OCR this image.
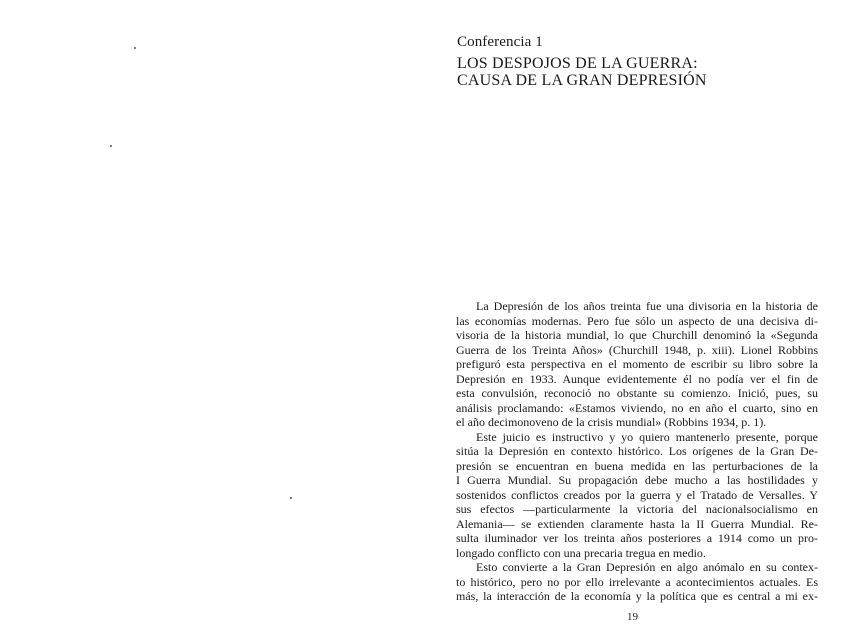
Conferencia 1
LOS DESPOJOS DE LA GUERRA:
CAUSA DE LA GRAN DEPRESIÓN

La Depresión de los años treinta fue una divisoria en la historia de
las economías modernas. Pero fue sólo un aspecto de una decisiva di-
visoria de la historia mundial, lo que Churchill denominó la «Segunda
Guerra de los Treinta Años» (Churchill 1948, p. xiii). Lionel Robbins
prefiguró esta perspectiva en el momento de escribir su libro sobre la
Depresión en 1933. Aunque evidentemente él no podía ver el fin de
esta convulsión, reconoció no obstante su comienzo. Inició, pues, su
análisis proclamando: «Estamos viviendo, no en año el cuarto, sino en
el año decimonoveno de la crisis mundial» (Robbins 1934, p. 1).

Este juicio es instructivo y yo quiero mantenerlo presente, porque
sitúa la Depresión en contexto histórico. Los orígenes de la Gran De-
presión se encuentran en buena medida en las perturbaciones de la
I Guerra Mundial. Su propagación debe mucho a las hostilidades y
sostenidos conflictos creados por la guerra y el Tratado de Versalles. Y
sus efectos —particularmente la victoria del nacionalsocialismo en
Alemania— se extienden claramente hasta la II Guerra Mundial. Re-
sulta iluminador ver los treinta años posteriores a 1914 como un pro-
longado conflicto con una precaria tregua en medio.

Esto convierte a la Gran Depresión en algo anómalo en su contex-
to histórico, pero no por ello irrelevante a acontecimientos actuales. Es
más, la interacción de la economía y la política que es central a mi ex-

19
